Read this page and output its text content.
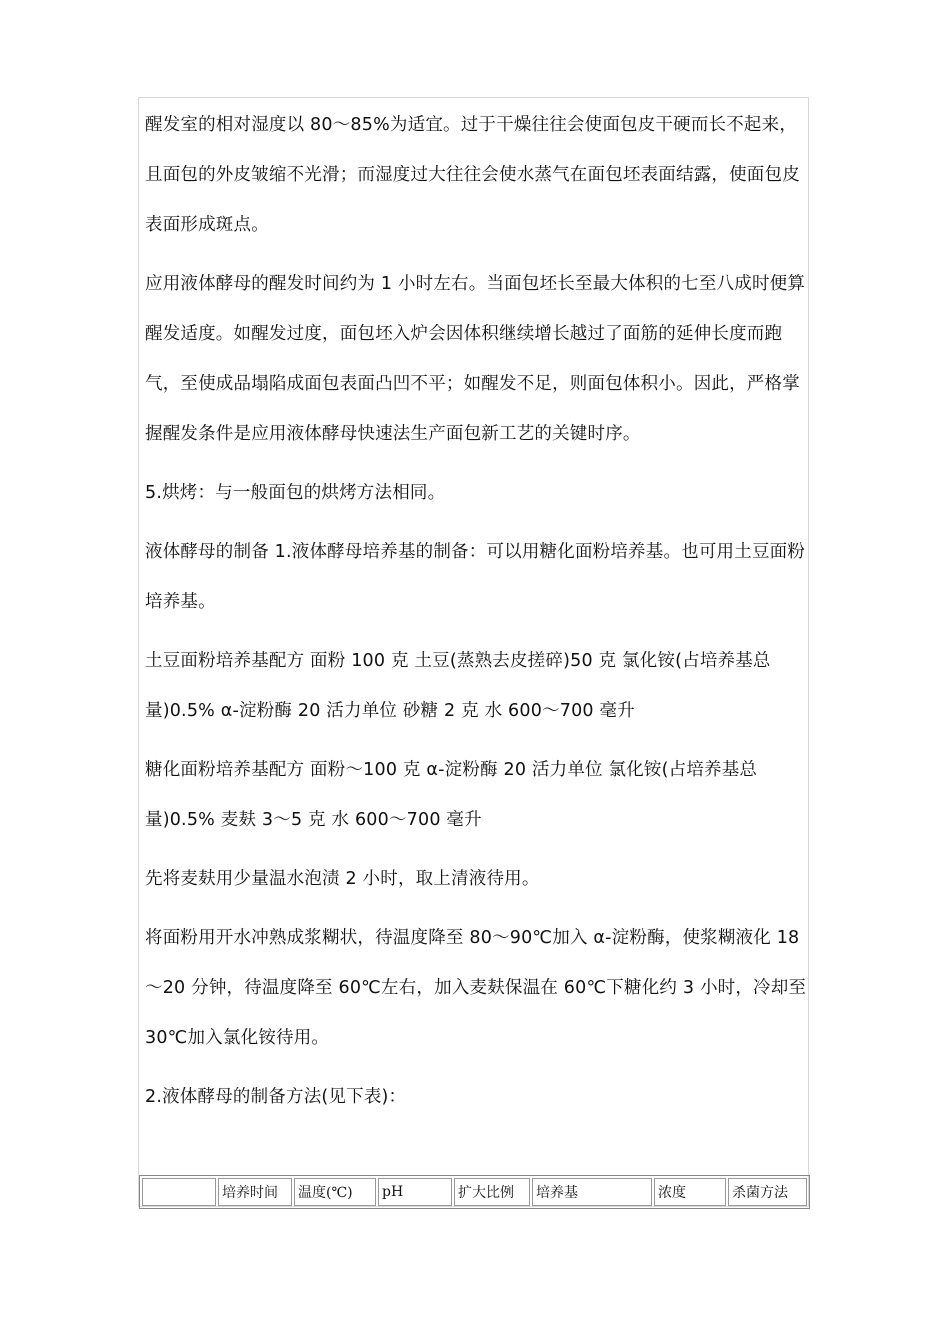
醒发室的相对湿度以 80～85%为适宜。过于干燥往往会使面包皮干硬而长不起来，且面包的外皮皱缩不光滑；而湿度过大往往会使水蒸气在面包坯表面结露，使面包皮表面形成斑点。

应用液体酵母的醒发时间约为 1 小时左右。当面包坯长至最大体积的七至八成时便算醒发适度。如醒发过度，面包坯入炉会因体积继续增长越过了面筋的延伸长度而跑气，至使成品塌陷成面包表面凸凹不平；如醒发不足，则面包体积小。因此，严格掌握醒发条件是应用液体酵母快速法生产面包新工艺的关键时序。

5.烘烤：与一般面包的烘烤方法相同。

液体酵母的制备 1.液体酵母培养基的制备：可以用糖化面粉培养基。也可用土豆面粉培养基。

土豆面粉培养基配方 面粉 100 克 土豆(蒸熟去皮搓碎)50 克 氯化铵(占培养基总量)0.5% α-淀粉酶 20 活力单位 砂糖 2 克 水 600～700 毫升

糖化面粉培养基配方 面粉～100 克 α-淀粉酶 20 活力单位 氯化铵(占培养基总量)0.5% 麦麸 3～5 克 水 600～700 毫升

先将麦麸用少量温水泡渍 2 小时，取上清液待用。

将面粉用开水冲熟成浆糊状，待温度降至 80～90℃加入 α-淀粉酶，使浆糊液化 18～20 分钟，待温度降至 60℃左右，加入麦麸保温在 60℃下糖化约 3 小时，冷却至 30℃加入氯化铵待用。

2.液体酵母的制备方法(见下表)：

	培养时间	温度(℃)	pH	扩大比例	培养基	浓度	杀菌方法
